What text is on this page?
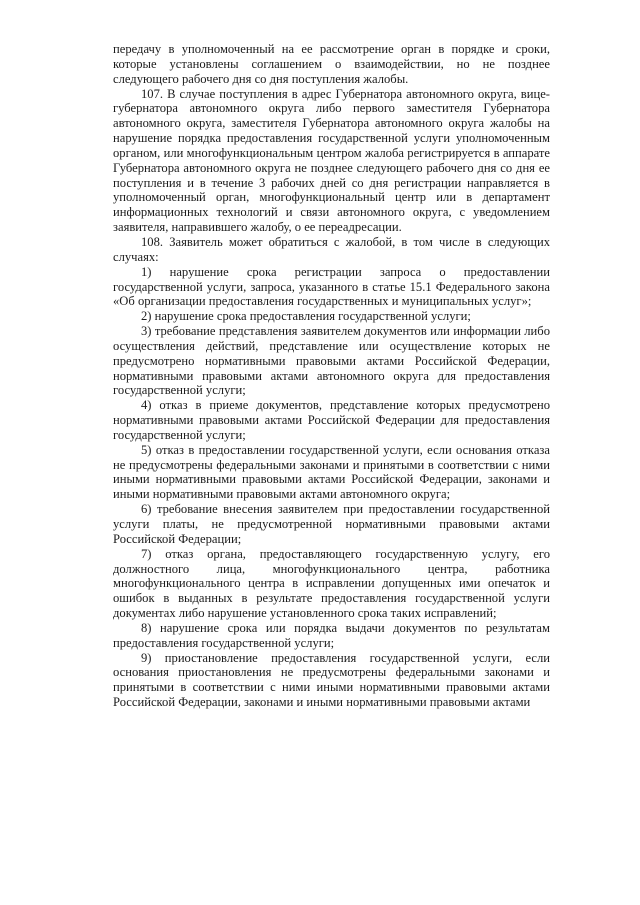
передачу в уполномоченный на ее рассмотрение орган в порядке и сроки, которые установлены соглашением о взаимодействии, но не позднее следующего рабочего дня со дня поступления жалобы.

107. В случае поступления в адрес Губернатора автономного округа, вице-губернатора автономного округа либо первого заместителя Губернатора автономного округа, заместителя Губернатора автономного округа жалобы на нарушение порядка предоставления государственной услуги уполномоченным органом, или многофункциональным центром жалоба регистрируется в аппарате Губернатора автономного округа не позднее следующего рабочего дня со дня ее поступления и в течение 3 рабочих дней со дня регистрации направляется в уполномоченный орган, многофункциональный центр или в департамент информационных технологий и связи автономного округа, с уведомлением заявителя, направившего жалобу, о ее переадресации.

108. Заявитель может обратиться с жалобой, в том числе в следующих случаях:

1) нарушение срока регистрации запроса о предоставлении государственной услуги, запроса, указанного в статье 15.1 Федерального закона «Об организации предоставления государственных и муниципальных услуг»;

2) нарушение срока предоставления государственной услуги;

3) требование представления заявителем документов или информации либо осуществления действий, представление или осуществление которых не предусмотрено нормативными правовыми актами Российской Федерации, нормативными правовыми актами автономного округа для предоставления государственной услуги;

4) отказ в приеме документов, представление которых предусмотрено нормативными правовыми актами Российской Федерации для предоставления государственной услуги;

5) отказ в предоставлении государственной услуги, если основания отказа не предусмотрены федеральными законами и принятыми в соответствии с ними иными нормативными правовыми актами Российской Федерации, законами и иными нормативными правовыми актами автономного округа;

6) требование внесения заявителем при предоставлении государственной услуги платы, не предусмотренной нормативными правовыми актами Российской Федерации;

7) отказ органа, предоставляющего государственную услугу, его должностного лица, многофункционального центра, работника многофункционального центра в исправлении допущенных ими опечаток и ошибок в выданных в результате предоставления государственной услуги документах либо нарушение установленного срока таких исправлений;

8) нарушение срока или порядка выдачи документов по результатам предоставления государственной услуги;

9) приостановление предоставления государственной услуги, если основания приостановления не предусмотрены федеральными законами и принятыми в соответствии с ними иными нормативными правовыми актами Российской Федерации, законами и иными нормативными правовыми актами
